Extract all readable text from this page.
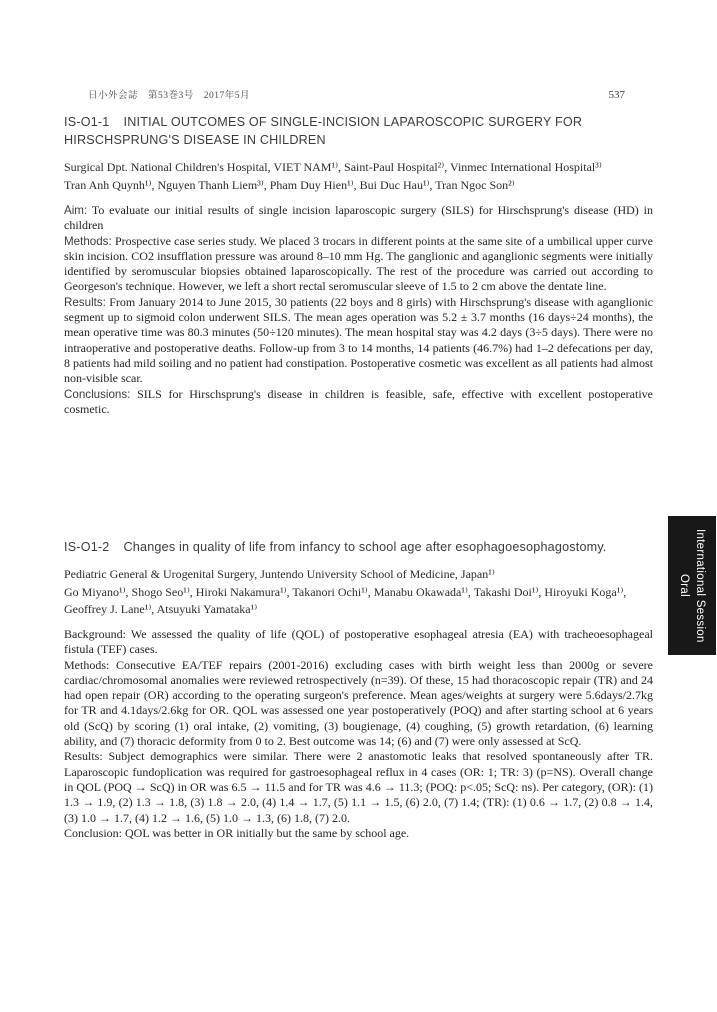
日小外会誌　第53巻3号　2017年5月	537
IS-O1-1 INITIAL OUTCOMES OF SINGLE-INCISION LAPAROSCOPIC SURGERY FOR HIRSCHSPRUNG'S DISEASE IN CHILDREN

Surgical Dpt. National Children's Hospital, VIET NAM¹⁾, Saint-Paul Hospital²⁾, Vinmec International Hospital³⁾

Tran Anh Quynh¹⁾, Nguyen Thanh Liem³⁾, Pham Duy Hien¹⁾, Bui Duc Hau¹⁾, Tran Ngoc Son²⁾

Aim: To evaluate our initial results of single incision laparoscopic surgery (SILS) for Hirschsprung's disease (HD) in children

Methods: Prospective case series study. We placed 3 trocars in different points at the same site of a umbilical upper curve skin incision. CO2 insufflation pressure was around 8–10 mm Hg. The ganglionic and aganglionic segments were initially identified by seromuscular biopsies obtained laparoscopically. The rest of the procedure was carried out according to Georgeson's technique. However, we left a short rectal seromuscular sleeve of 1.5 to 2 cm above the dentate line.

Results: From January 2014 to June 2015, 30 patients (22 boys and 8 girls) with Hirschsprung's disease with aganglionic segment up to sigmoid colon underwent SILS. The mean ages operation was 5.2 ± 3.7 months (16 days÷24 months), the mean operative time was 80.3 minutes (50÷120 minutes). The mean hospital stay was 4.2 days (3÷5 days). There were no intraoperative and postoperative deaths. Follow-up from 3 to 14 months, 14 patients (46.7%) had 1–2 defecations per day, 8 patients had mild soiling and no patient had constipation. Postoperative cosmetic was excellent as all patients had almost non-visible scar.

Conclusions: SILS for Hirschsprung's disease in children is feasible, safe, effective with excellent postoperative cosmetic.

IS-O1-2 Changes in quality of life from infancy to school age after esophagoesophagostomy.

Pediatric General & Urogenital Surgery, Juntendo University School of Medicine, Japan¹⁾

Go Miyano¹⁾, Shogo Seo¹⁾, Hiroki Nakamura¹⁾, Takanori Ochi¹⁾, Manabu Okawada¹⁾, Takashi Doi¹⁾, Hiroyuki Koga¹⁾, Geoffrey J. Lane¹⁾, Atsuyuki Yamataka¹⁾

Background: We assessed the quality of life (QOL) of postoperative esophageal atresia (EA) with tracheoesophageal fistula (TEF) cases.

Methods: Consecutive EA/TEF repairs (2001-2016) excluding cases with birth weight less than 2000g or severe cardiac/chromosomal anomalies were reviewed retrospectively (n=39). Of these, 15 had thoracoscopic repair (TR) and 24 had open repair (OR) according to the operating surgeon's preference. Mean ages/weights at surgery were 5.6days/2.7kg for TR and 4.1days/2.6kg for OR. QOL was assessed one year postoperatively (POQ) and after starting school at 6 years old (ScQ) by scoring (1) oral intake, (2) vomiting, (3) bougienage, (4) coughing, (5) growth retardation, (6) learning ability, and (7) thoracic deformity from 0 to 2. Best outcome was 14; (6) and (7) were only assessed at ScQ.

Results: Subject demographics were similar. There were 2 anastomotic leaks that resolved spontaneously after TR. Laparoscopic fundoplication was required for gastroesophageal reflux in 4 cases (OR: 1; TR: 3) (p=NS). Overall change in QOL (POQ → ScQ) in OR was 6.5 → 11.5 and for TR was 4.6 → 11.3; (POQ: p<.05; ScQ: ns). Per category, (OR): (1) 1.3 → 1.9, (2) 1.3 → 1.8, (3) 1.8 → 2.0, (4) 1.4 → 1.7, (5) 1.1 → 1.5, (6) 2.0, (7) 1.4; (TR): (1) 0.6 → 1.7, (2) 0.8 → 1.4, (3) 1.0 → 1.7, (4) 1.2 → 1.6, (5) 1.0 → 1.3, (6) 1.8, (7) 2.0.

Conclusion: QOL was better in OR initially but the same by school age.

International Session
Oral
